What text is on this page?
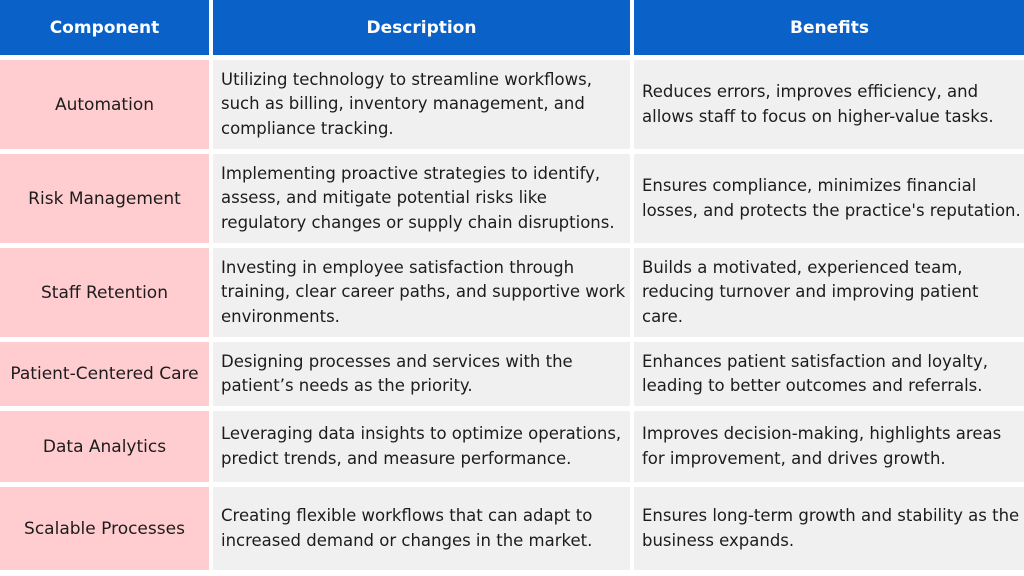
Component	Description	Benefits
Automation
Utilizing technology to streamline workflows, such as billing, inventory management, and compliance tracking.
Reduces errors, improves efficiency, and allows staff to focus on higher-value tasks.
Risk Management
Implementing proactive strategies to identify, assess, and mitigate potential risks like regulatory changes or supply chain disruptions.
Ensures compliance, minimizes financial losses, and protects the practice's reputation.
Staff Retention
Investing in employee satisfaction through training, clear career paths, and supportive work environments.
Builds a motivated, experienced team, reducing turnover and improving patient care.
Patient-Centered Care
Designing processes and services with the patient’s needs as the priority.
Enhances patient satisfaction and loyalty, leading to better outcomes and referrals.
Data Analytics
Leveraging data insights to optimize operations, predict trends, and measure performance.
Improves decision-making, highlights areas for improvement, and drives growth.
Scalable Processes
Creating flexible workflows that can adapt to increased demand or changes in the market.
Ensures long-term growth and stability as the business expands.
